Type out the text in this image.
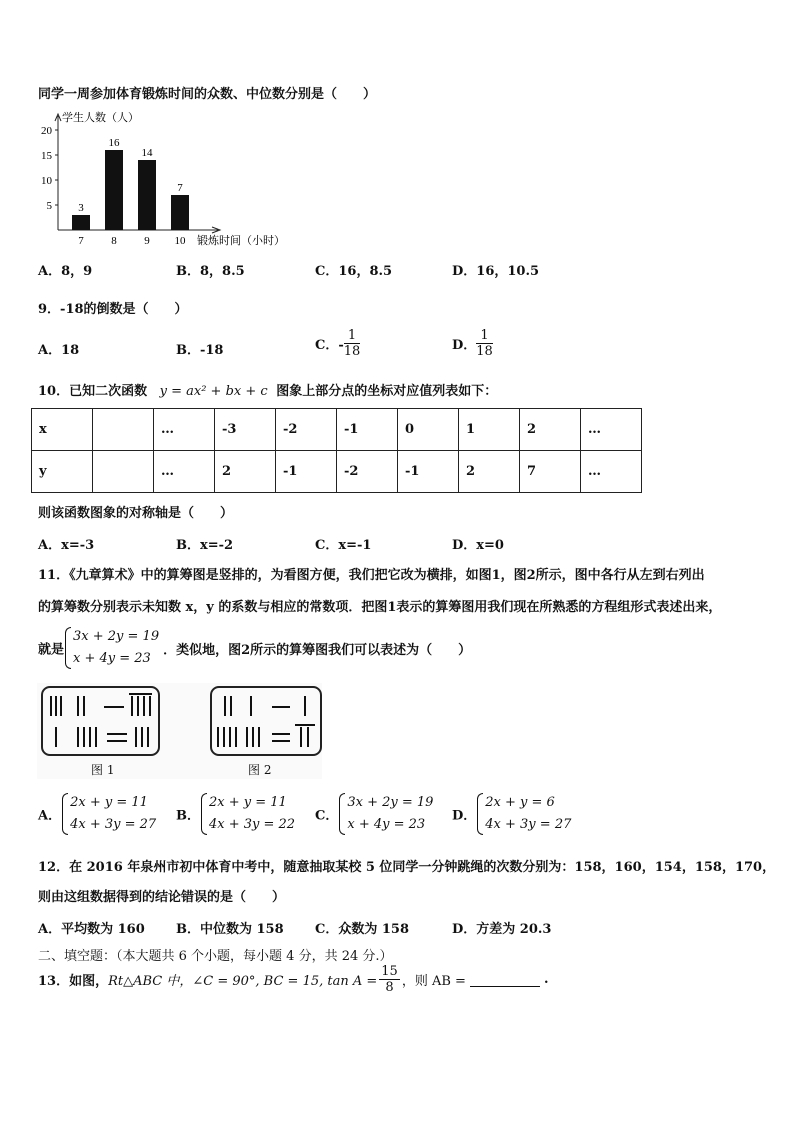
同学一周参加体育锻炼时间的众数、中位数分别是（　　）
5
10
15
20
学生人数（人）
锻炼时间（小时）
3
7
16
8
14
9
7
10
A．8，9	B．8，8.5	C．16，8.5	D．16，10.5
9．-18的倒数是（　　）
A．18	B．-18	C．- $\frac{1}{18}$	D． $\frac{1}{18}$
10．已知二次函数 y = ax² + bx + c 图象上部分点的坐标对应值列表如下：
x		…	-3	-2	-1	0	1	2	…
y		…	2	-1	-2	-1	2	7	…
则该函数图象的对称轴是（　　）
A．x=-3	B．x=-2	C．x=-1	D．x=0
11．《九章算术》中的算筹图是竖排的，为看图方便，我们把它改为横排，如图1，图2所示，图中各行从左到右列出
的算筹数分别表示未知数 x，y 的系数与相应的常数项．把图1表示的算筹图用我们现在所熟悉的方程组形式表述出来，
就是
3x + 2y = 19
x + 4y = 23
．类似地，图2所示的算筹图我们可以表述为（　　）
图 1	图 2
A．
2x + y = 11
4x + 3y = 27
B．
2x + y = 11
4x + 3y = 22
C．
3x + 2y = 19
x + 4y = 23
D．
2x + y = 6
4x + 3y = 27
12．在 2016 年泉州市初中体育中考中，随意抽取某校 5 位同学一分钟跳绳的次数分别为：158，160，154，158，170，
则由这组数据得到的结论错误的是（　　）
A．平均数为 160 B．中位数为 158 C．众数为 158	D．方差为 20.3
二、填空题：（本大题共 6 个小题，每小题 4 分，共 24 分.）
13．如图，Rt△ABC 中，∠C = 90°, BC = 15, $\tan A = \frac{15}{8}$ ，则 AB =	.
